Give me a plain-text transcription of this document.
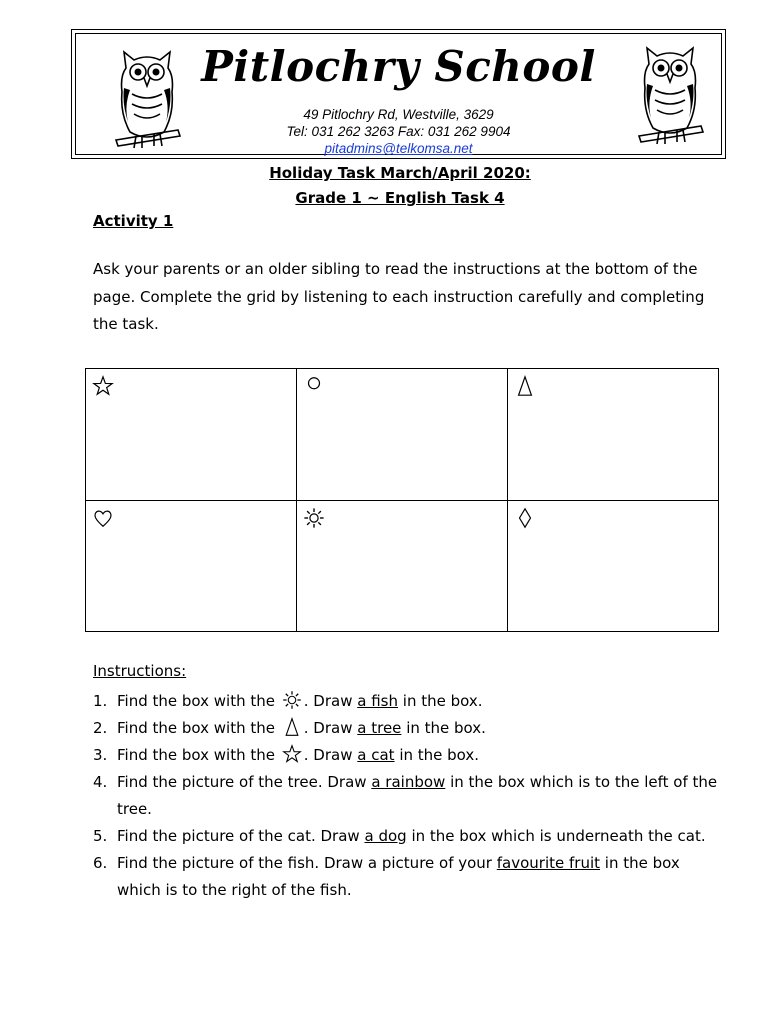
Pitlochry School
49 Pitlochry Rd, Westville, 3629
Tel: 031 262 3263 Fax: 031 262 9904
pitadmins@telkomsa.net
Holiday Task March/April 2020:
Grade 1 ~ English Task 4
Activity 1
Ask your parents or an older sibling to read the instructions at the bottom of the page. Complete the grid by listening to each instruction carefully and completing the task.

Instructions:
1. Find the box with the . Draw a fish in the box.
2. Find the box with the . Draw a tree in the box.
3. Find the box with the . Draw a cat in the box.
4. Find the picture of the tree. Draw a rainbow in the box which is to the left of the tree.
5. Find the picture of the cat. Draw a dog in the box which is underneath the cat.
6. Find the picture of the fish. Draw a picture of your favourite fruit in the box which is to the right of the fish.
